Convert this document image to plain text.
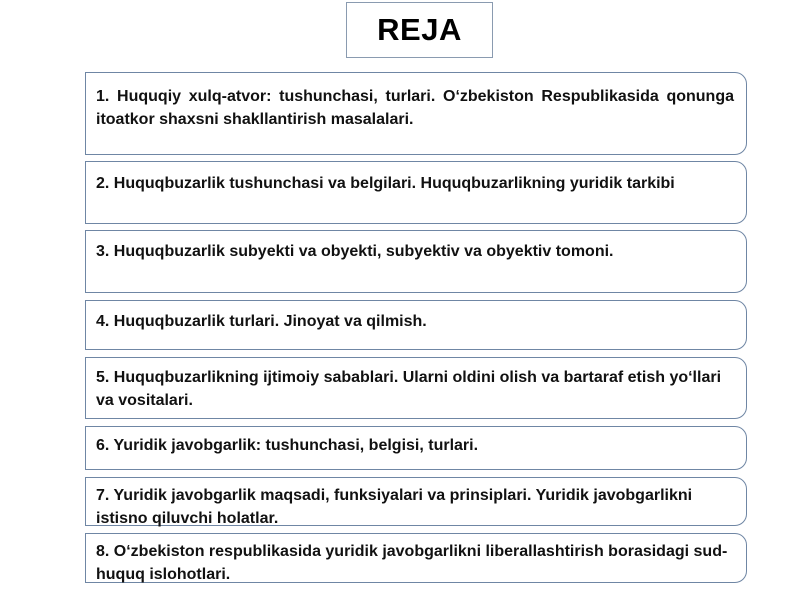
REJA
1. Huquqiy xulq-atvor: tushunchasi, turlari. O‘zbekiston Respublikasida qonunga itoatkor shaxsni shakllantirish masalalari.
2. Huquqbuzarlik tushunchasi va belgilari. Huquqbuzarlikning yuridik tarkibi
3. Huquqbuzarlik subyekti va obyekti, subyektiv va obyektiv tomoni.
4. Huquqbuzarlik turlari. Jinoyat va qilmish.
5. Huquqbuzarlikning ijtimoiy sabablari. Ularni oldini olish va bartaraf etish yo‘llari va vositalari.
6. Yuridik javobgarlik: tushunchasi, belgisi, turlari.
7. Yuridik javobgarlik maqsadi, funksiyalari va prinsiplari. Yuridik javobgarlikni istisno qiluvchi holatlar.
8. O‘zbekiston respublikasida yuridik javobgarlikni liberallashtirish borasidagi sud-huquq islohotlari.
